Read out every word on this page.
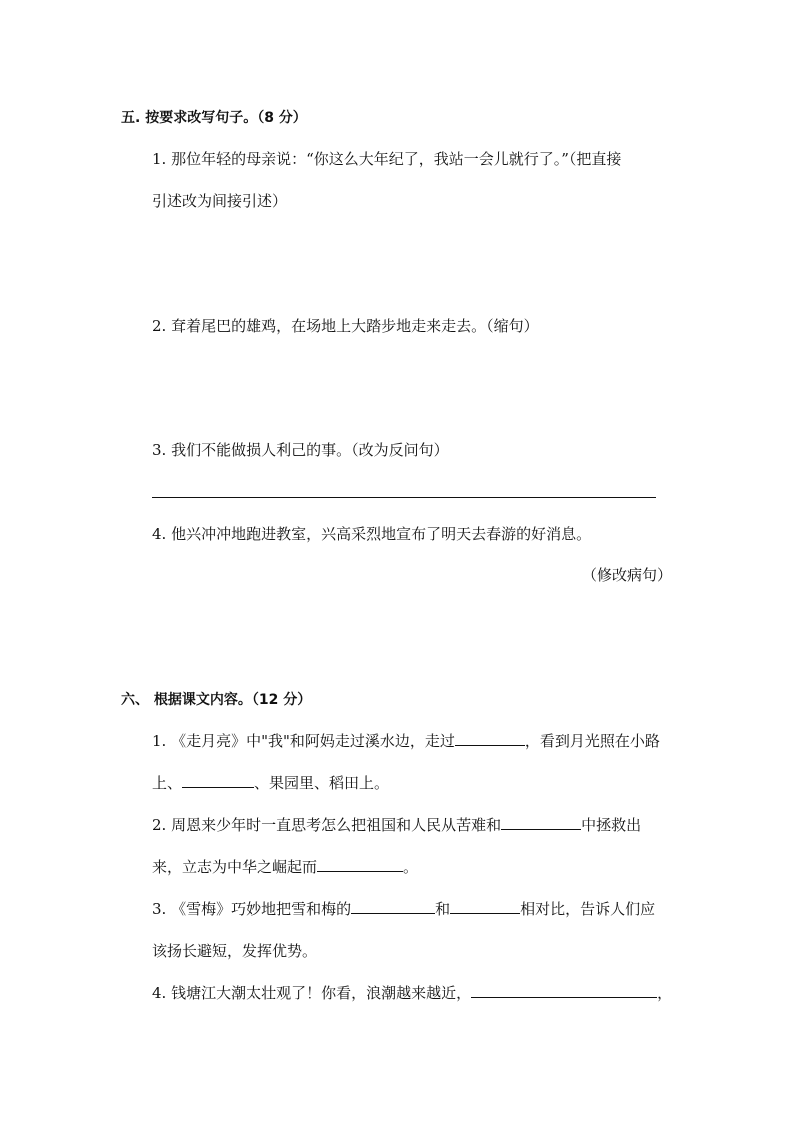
五. 按要求改写句子。（8 分）
1. 那位年轻的母亲说：“你这么大年纪了，我站一会儿就行了。”（把直接
引述改为间接引述）
2. 耷着尾巴的雄鸡，在场地上大踏步地走来走去。（缩句）
3. 我们不能做损人利己的事。（改为反问句）
4. 他兴冲冲地跑进教室，兴高采烈地宣布了明天去春游的好消息。
（修改病句）
六、 根据课文内容。（12 分）
1. 《走月亮》中"我"和阿妈走过溪水边，走过	，看到月光照在小路
上、	、果园里、稻田上。
2. 周恩来少年时一直思考怎么把祖国和人民从苦难和	中拯救出
来，立志为中华之崛起而	。
3. 《雪梅》巧妙地把雪和梅的	和	相对比，告诉人们应
该扬长避短，发挥优势。
4. 钱塘江大潮太壮观了！你看，浪潮越来越近，	，
